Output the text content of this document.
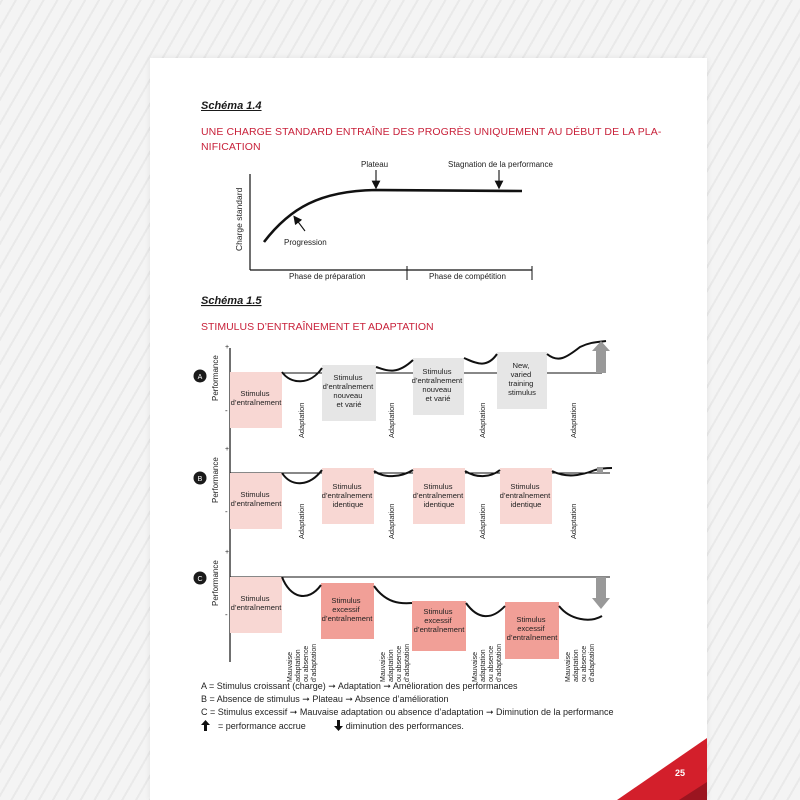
Schéma 1.4
UNE CHARGE STANDARD ENTRAÎNE DES PROGRÈS UNIQUEMENT AU DÉBUT DE LA PLA-
NIFICATION
Charge standard
Plateau	Stagnation de la performance
Progression
Phase de préparation	Phase de compétition
Schéma 1.5
STIMULUS D’ENTRAÎNEMENT ET ADAPTATION
+
-
Performance
A
Stimulus d’entraînement
Stimulus d’entraînement nouveau et varié
Stimulus d’entraînement nouveau et varié
New, varied training stimulus
Adaptation	Adaptation	Adaptation	Adaptation
+
-
Performance
B
Stimulus d’entraînement
Stimulus d’entraînement identique
Stimulus d’entraînement identique
Stimulus d’entraînement identique
Adaptation	Adaptation	Adaptation	Adaptation
+
-
Performance
C
Stimulus d’entraînement
Stimulus excessif d’entraînement
Stimulus excessif d’entraînement
Stimulus excessif d’entraînement
Mauvaise adaptation ou absence d’adaptation	Mauvaise adaptation ou absence d’adaptation	Mauvaise adaptation ou absence d’adaptation	Mauvaise adaptation ou absence d’adaptation
A = Stimulus croissant (charge) ➞ Adaptation ➞ Amélioration des performances
B = Absence de stimulus ➞ Plateau ➞ Absence d’amélioration
C = Stimulus excessif ➞ Mauvaise adaptation ou absence d’adaptation ➞ Diminution de la performance
= performance accrue	diminution des performances.
25
